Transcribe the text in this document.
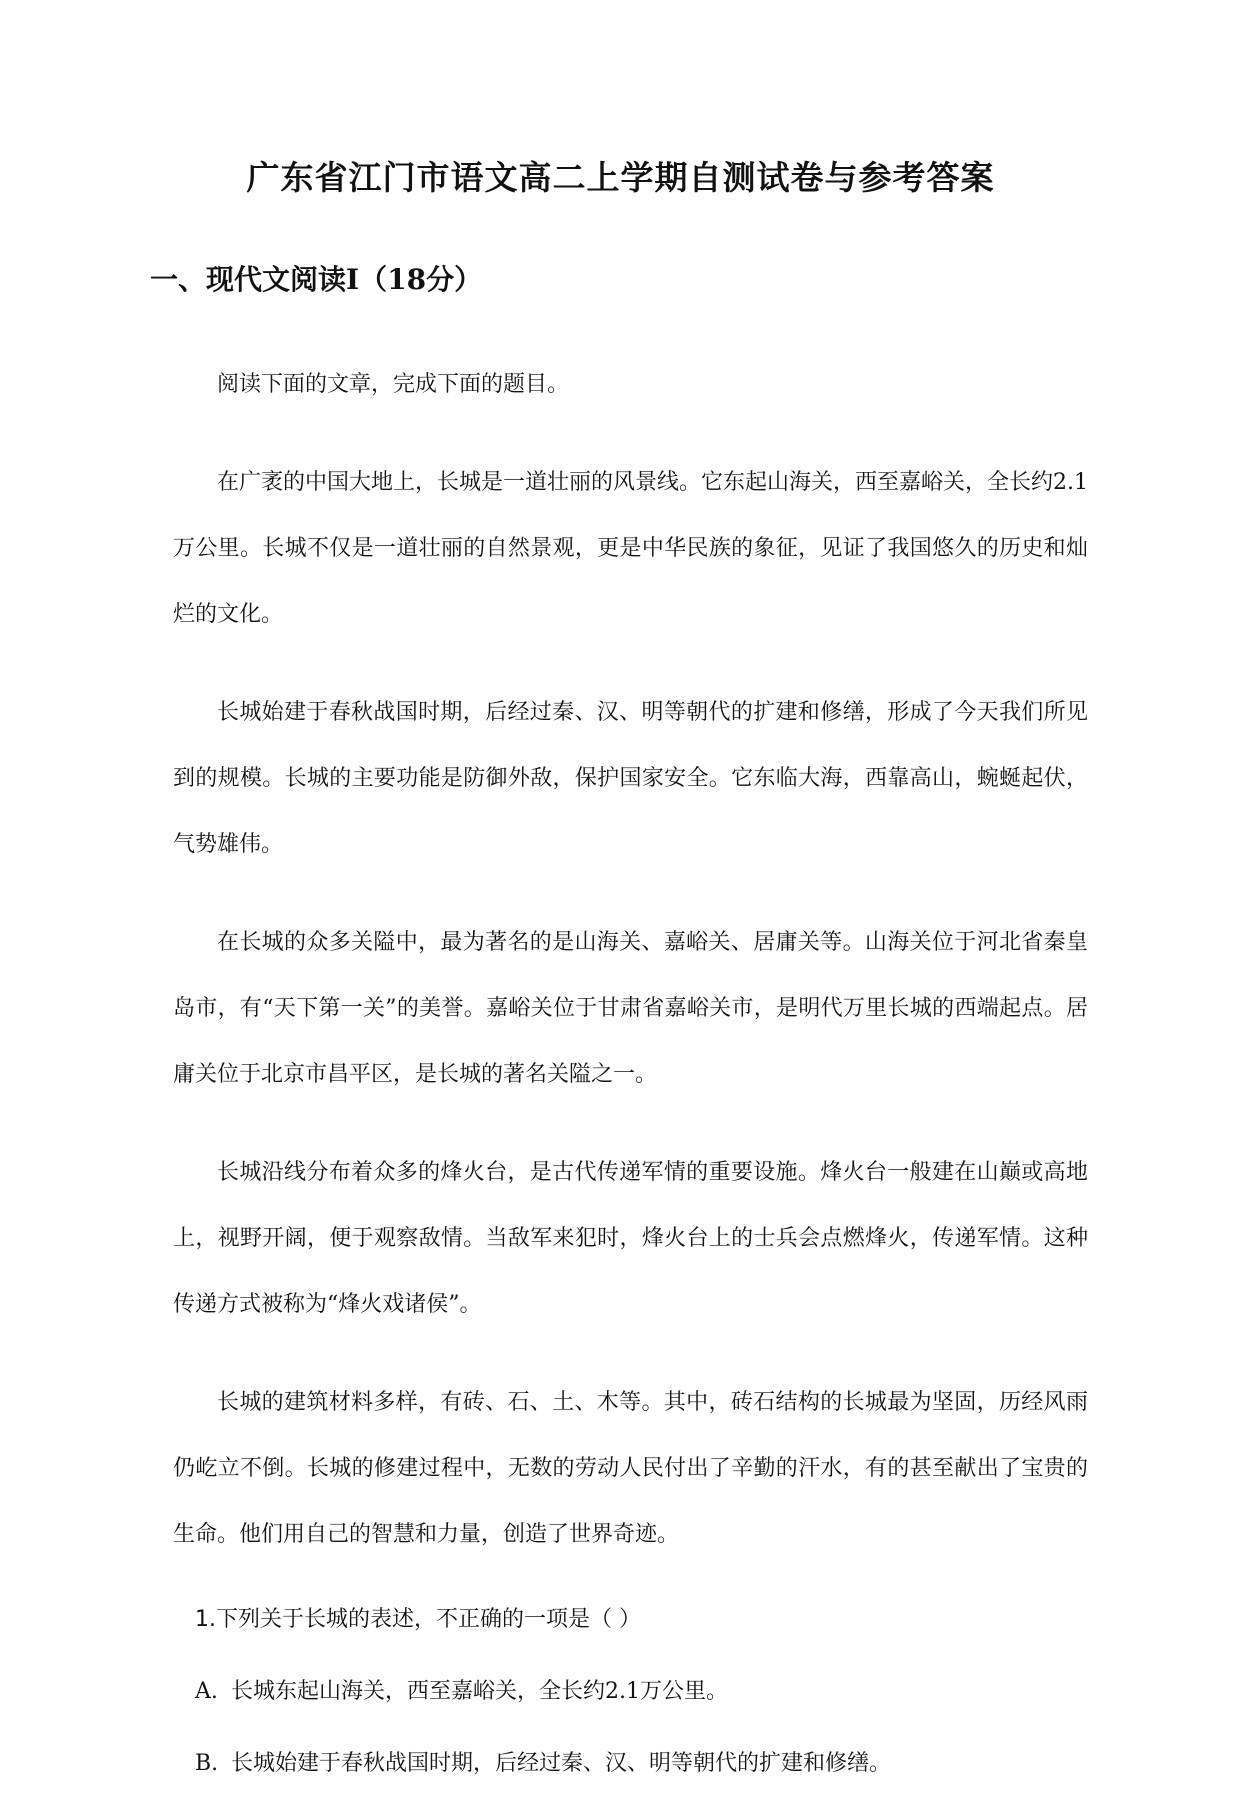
广东省江门市语文高二上学期自测试卷与参考答案
一、现代文阅读Ⅰ（18分）

阅读下面的文章，完成下面的题目。

在广袤的中国大地上，长城是一道壮丽的风景线。它东起山海关，西至嘉峪关，全长约2.1万公里。长城不仅是一道壮丽的自然景观，更是中华民族的象征，见证了我国悠久的历史和灿烂的文化。

长城始建于春秋战国时期，后经过秦、汉、明等朝代的扩建和修缮，形成了今天我们所见到的规模。长城的主要功能是防御外敌，保护国家安全。它东临大海，西靠高山，蜿蜒起伏，气势雄伟。

在长城的众多关隘中，最为著名的是山海关、嘉峪关、居庸关等。山海关位于河北省秦皇岛市，有“天下第一关”的美誉。嘉峪关位于甘肃省嘉峪关市，是明代万里长城的西端起点。居庸关位于北京市昌平区，是长城的著名关隘之一。

长城沿线分布着众多的烽火台，是古代传递军情的重要设施。烽火台一般建在山巅或高地上，视野开阔，便于观察敌情。当敌军来犯时，烽火台上的士兵会点燃烽火，传递军情。这种传递方式被称为“烽火戏诸侯”。

长城的建筑材料多样，有砖、石、土、木等。其中，砖石结构的长城最为坚固，历经风雨仍屹立不倒。长城的修建过程中，无数的劳动人民付出了辛勤的汗水，有的甚至献出了宝贵的生命。他们用自己的智慧和力量，创造了世界奇迹。

1.下列关于长城的表述，不正确的一项是（ ）

A. 长城东起山海关，西至嘉峪关，全长约2.1万公里。

B. 长城始建于春秋战国时期，后经过秦、汉、明等朝代的扩建和修缮。
